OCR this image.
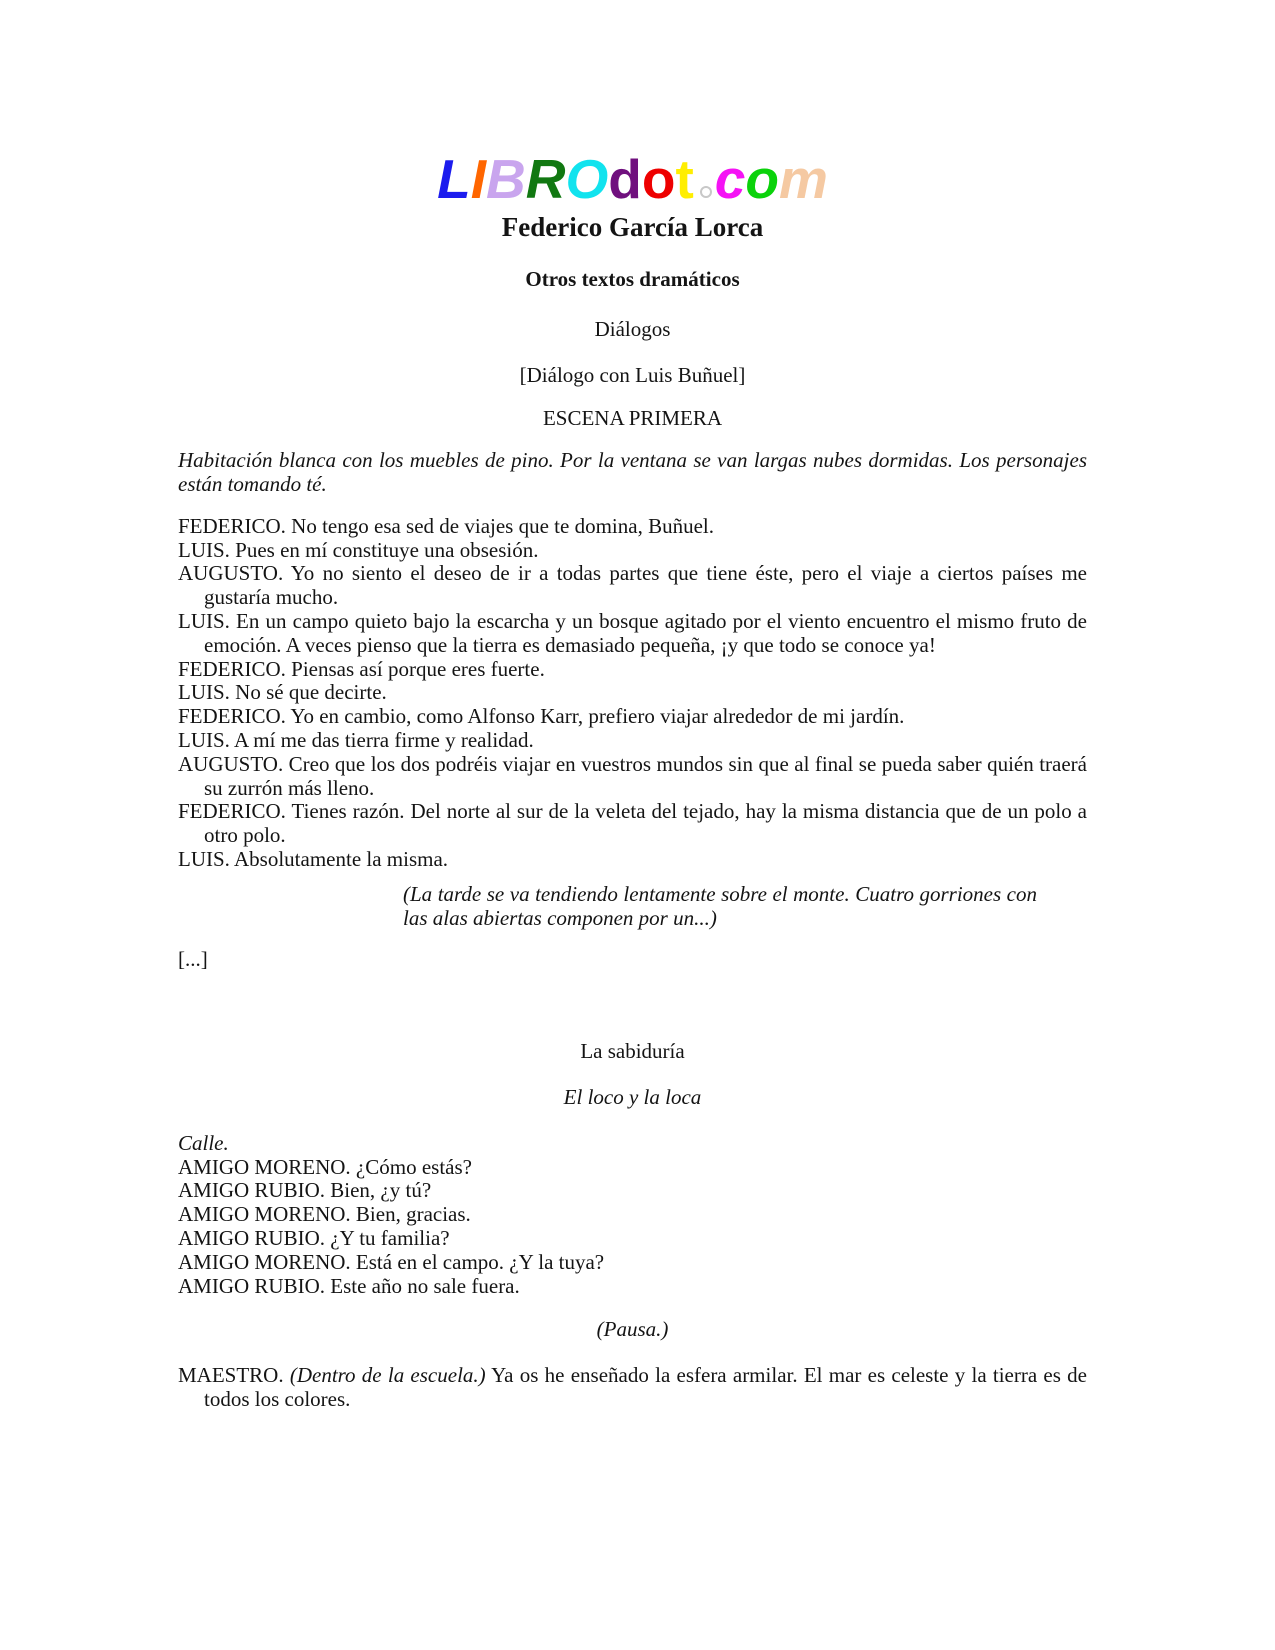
LIBROdot com
Federico García Lorca
Otros textos dramáticos
Diálogos
[Diálogo con Luis Buñuel]
ESCENA PRIMERA

Habitación blanca con los muebles de pino. Por la ventana se van largas nubes dormidas. Los personajes están tomando té.

FEDERICO. No tengo esa sed de viajes que te domina, Buñuel.

LUIS. Pues en mí constituye una obsesión.

AUGUSTO. Yo no siento el deseo de ir a todas partes que tiene éste, pero el viaje a ciertos países me gustaría mucho.

LUIS. En un campo quieto bajo la escarcha y un bosque agitado por el viento encuentro el mismo fruto de emoción. A veces pienso que la tierra es demasiado pequeña, ¡y que todo se conoce ya!

FEDERICO. Piensas así porque eres fuerte.

LUIS. No sé que decirte.

FEDERICO. Yo en cambio, como Alfonso Karr, prefiero viajar alrededor de mi jardín.

LUIS. A mí me das tierra firme y realidad.

AUGUSTO. Creo que los dos podréis viajar en vuestros mundos sin que al final se pueda saber quién traerá su zurrón más lleno.

FEDERICO. Tienes razón. Del norte al sur de la veleta del tejado, hay la misma distancia que de un polo a otro polo.

LUIS. Absolutamente la misma.

(La tarde se va tendiendo lentamente sobre el monte. Cuatro gorriones con las alas abiertas componen por un...)

[...]

La sabiduría
El loco y la loca

Calle.

AMIGO MORENO. ¿Cómo estás?

AMIGO RUBIO. Bien, ¿y tú?

AMIGO MORENO. Bien, gracias.

AMIGO RUBIO. ¿Y tu familia?

AMIGO MORENO. Está en el campo. ¿Y la tuya?

AMIGO RUBIO. Este año no sale fuera.

(Pausa.)

MAESTRO. (Dentro de la escuela.) Ya os he enseñado la esfera armilar. El mar es celeste y la tierra es de todos los colores.
